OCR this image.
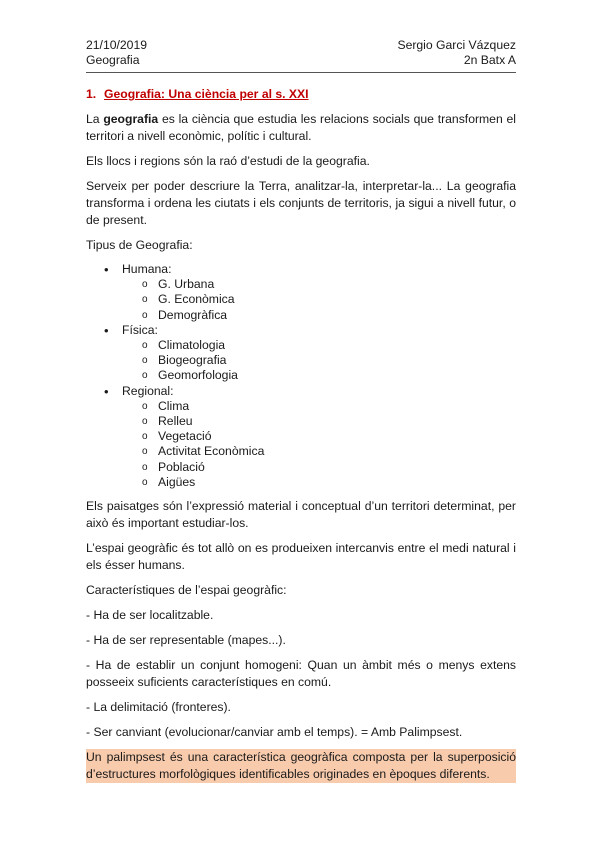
21/10/2019
Geografia
Sergio Garci Vázquez
2n Batx A
1. Geografia: Una ciència per al s. XXI

La geografia es la ciència que estudia les relacions socials que transformen el territori a nivell econòmic, polític i cultural.

Els llocs i regions són la raó d’estudi de la geografia.

Serveix per poder descriure la Terra, analitzar-la, interpretar-la... La geografia transforma i ordena les ciutats i els conjunts de territoris, ja sigui a nivell futur, o de present.

Tipus de Geografia:

• Humana:
o G. Urbana
o G. Econòmica
o Demogràfica
• Física:
o Climatologia
o Biogeografia
o Geomorfologia
• Regional:
o Clima
o Relleu
o Vegetació
o Activitat Econòmica
o Població
o Aigües

Els paisatges són l’expressió material i conceptual d’un territori determinat, per això és important estudiar-los.

L’espai geogràfic és tot allò on es produeixen intercanvis entre el medi natural i els ésser humans.

Característiques de l’espai geogràfic:

- Ha de ser localitzable.

- Ha de ser representable (mapes...).

- Ha de establir un conjunt homogeni: Quan un àmbit més o menys extens posseeix suficients característiques en comú.

- La delimitació (fronteres).

- Ser canviant (evolucionar/canviar amb el temps). = Amb Palimpsest.

Un palimpsest és una característica geogràfica composta per la superposició d’estructures morfològiques identificables originades en èpoques diferents.
